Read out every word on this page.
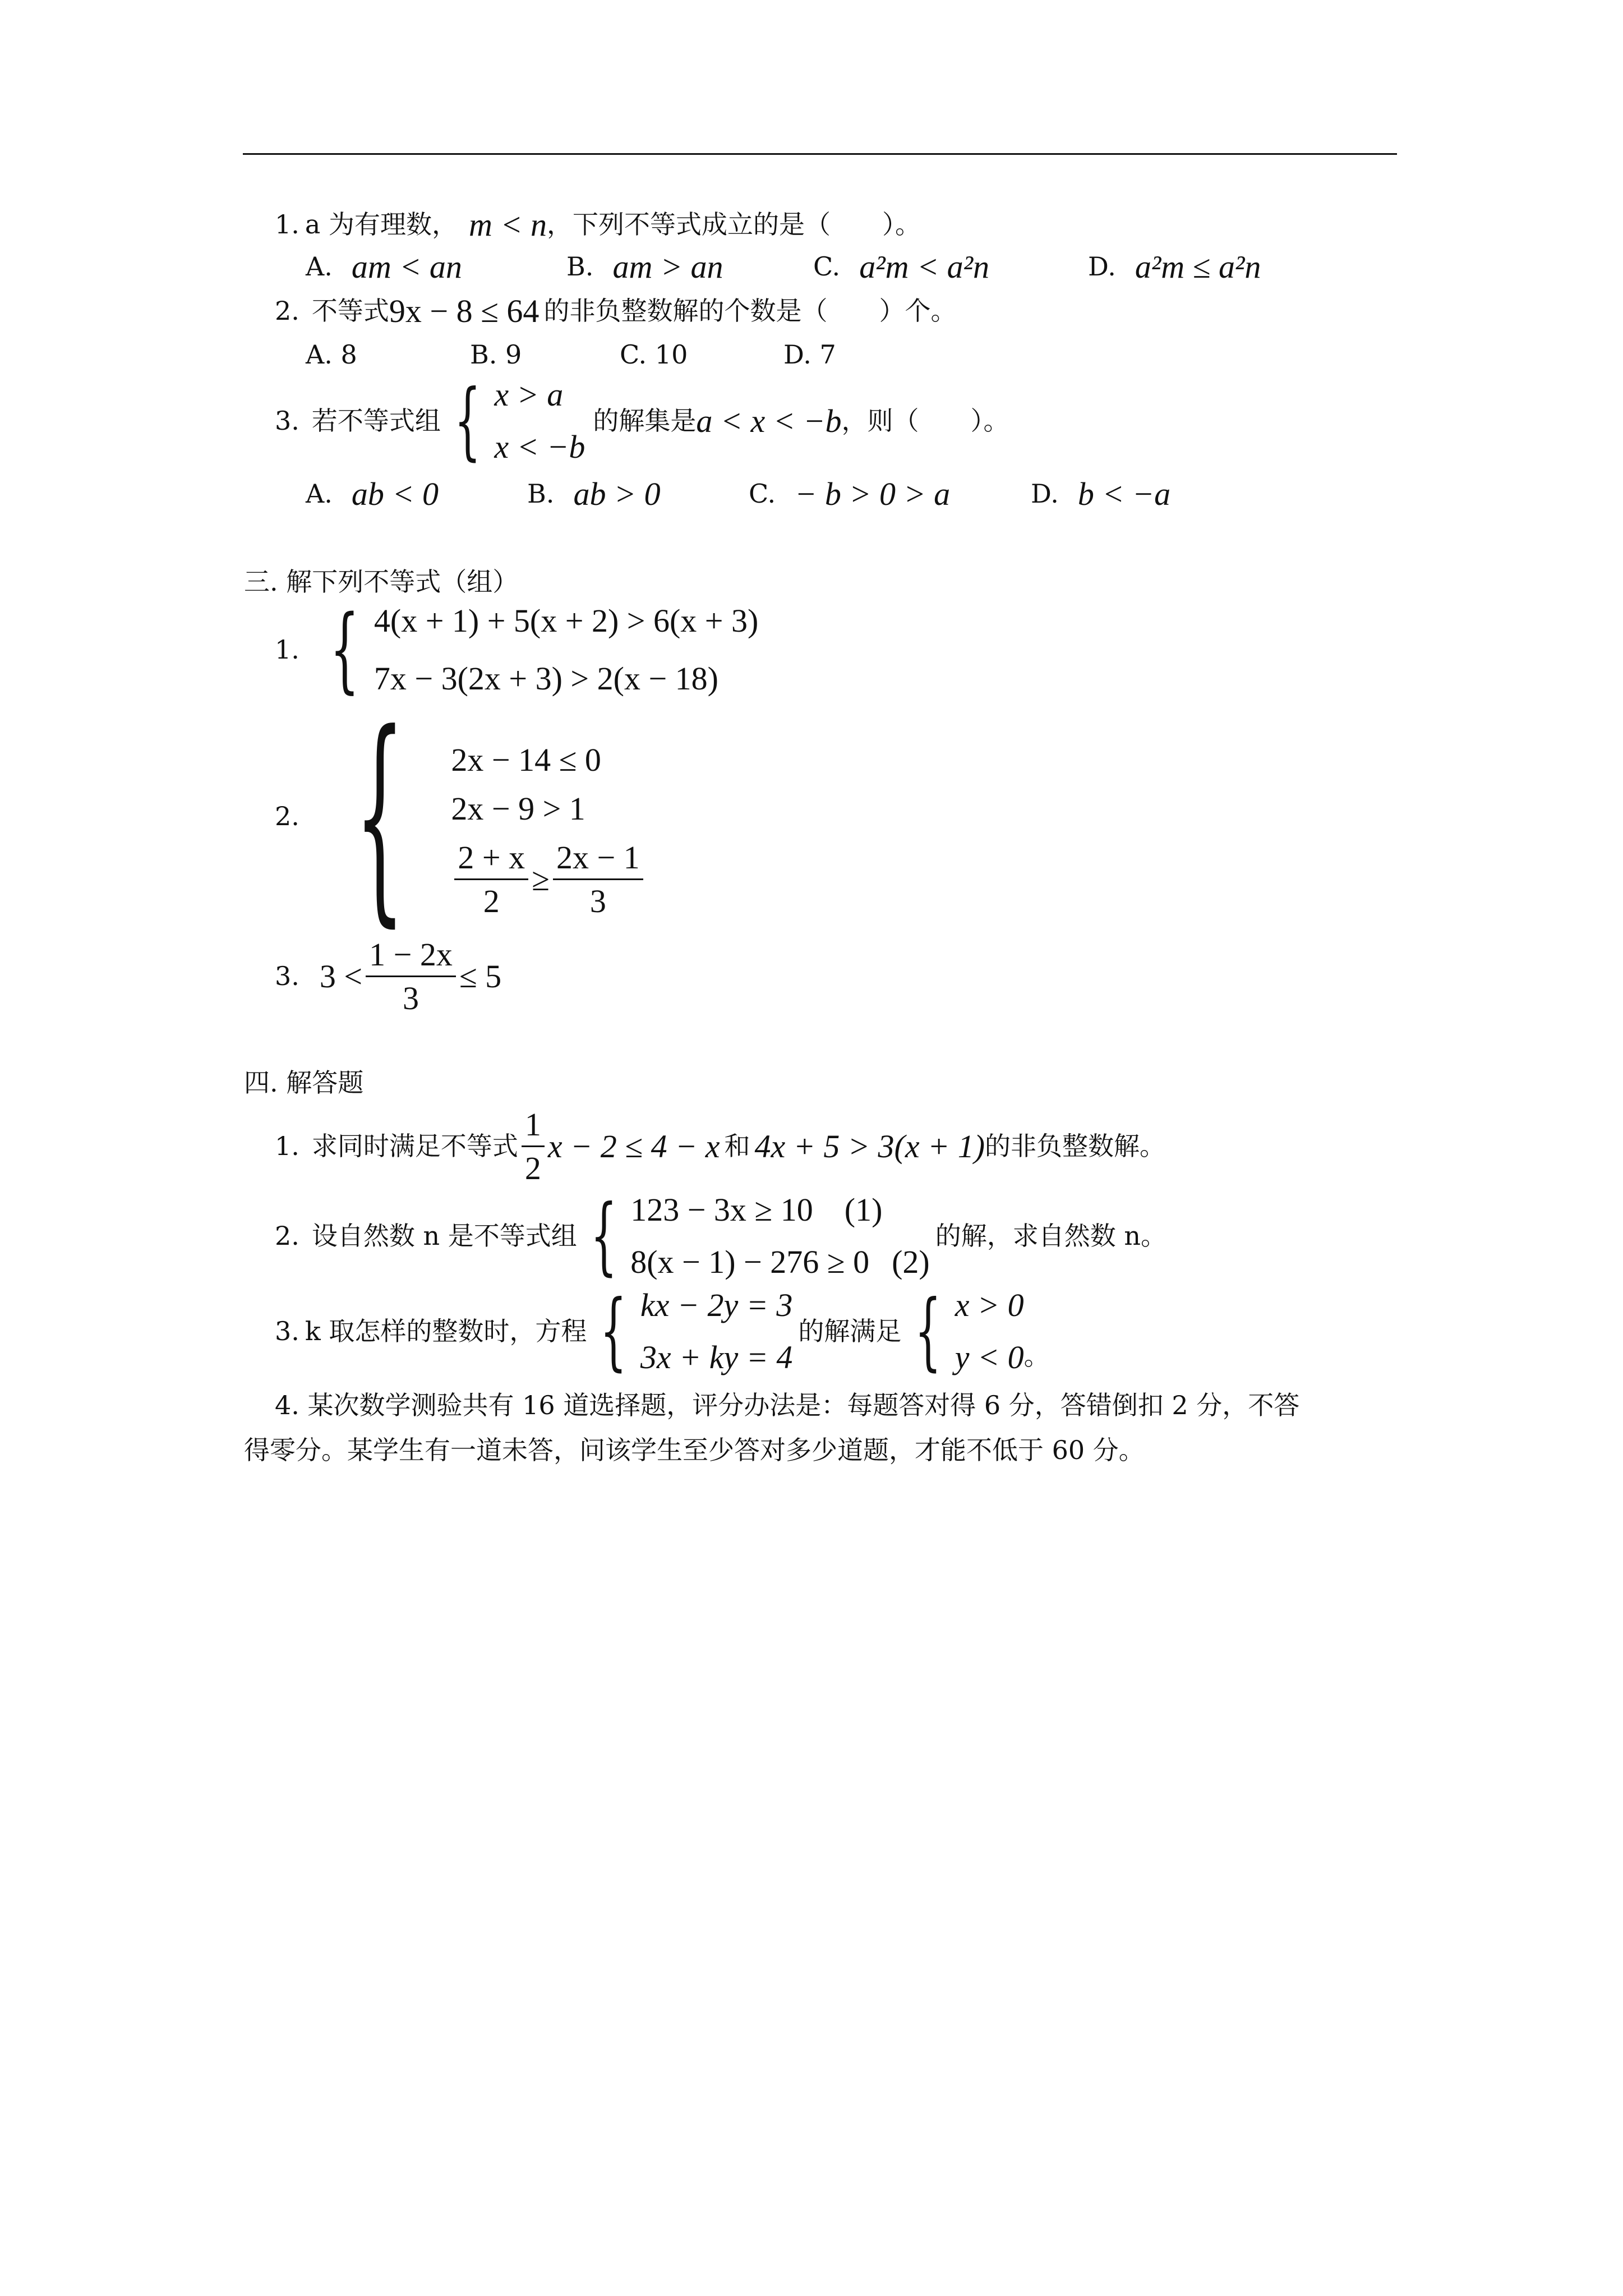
1. a 为有理数， m < n ，下列不等式成立的是（　　）。
A. am < an	B. am > an	C. a²m < a²n	D. a²m ≤ a²n
2. 不等式 9x − 8 ≤ 64 的非负整数解的个数是（　　）个。
A. 8	B. 9	C. 10	D. 7
3. 若不等式组 { x > a
x < −b
的解集是 a < x < −b ，则（　　）。
A. ab < 0	B. ab > 0	C. − b > 0 > a	D. b < −a
三. 解下列不等式（组）
1. { 4(x + 1) + 5(x + 2) > 6(x + 3)
7x − 3(2x + 3) > 2(x − 18)
2. { 2x − 14 ≤ 0
2x − 9 > 1
$\frac{2 + x}{2} \ge \frac{2x - 1}{3}$
3. $3 < \frac{1 - 2x}{3} \le 5$
四. 解答题
1. 求同时满足不等式 $\frac{1}{2}$ x − 2 ≤ 4 − x 和 4x + 5 > 3(x + 1) 的非负整数解。
2. 设自然数 n 是不等式组 { 123 − 3x ≥ 10 (1)
8(x − 1) − 276 ≥ 0 (2)
的解，求自然数 n。
3. k 取怎样的整数时，方程 { kx − 2y = 3
3x + ky = 4
的解满足 { x > 0
y < 0 。
4. 某次数学测验共有 16 道选择题，评分办法是：每题答对得 6 分，答错倒扣 2 分，不答
得零分。某学生有一道未答，问该学生至少答对多少道题，才能不低于 60 分。
